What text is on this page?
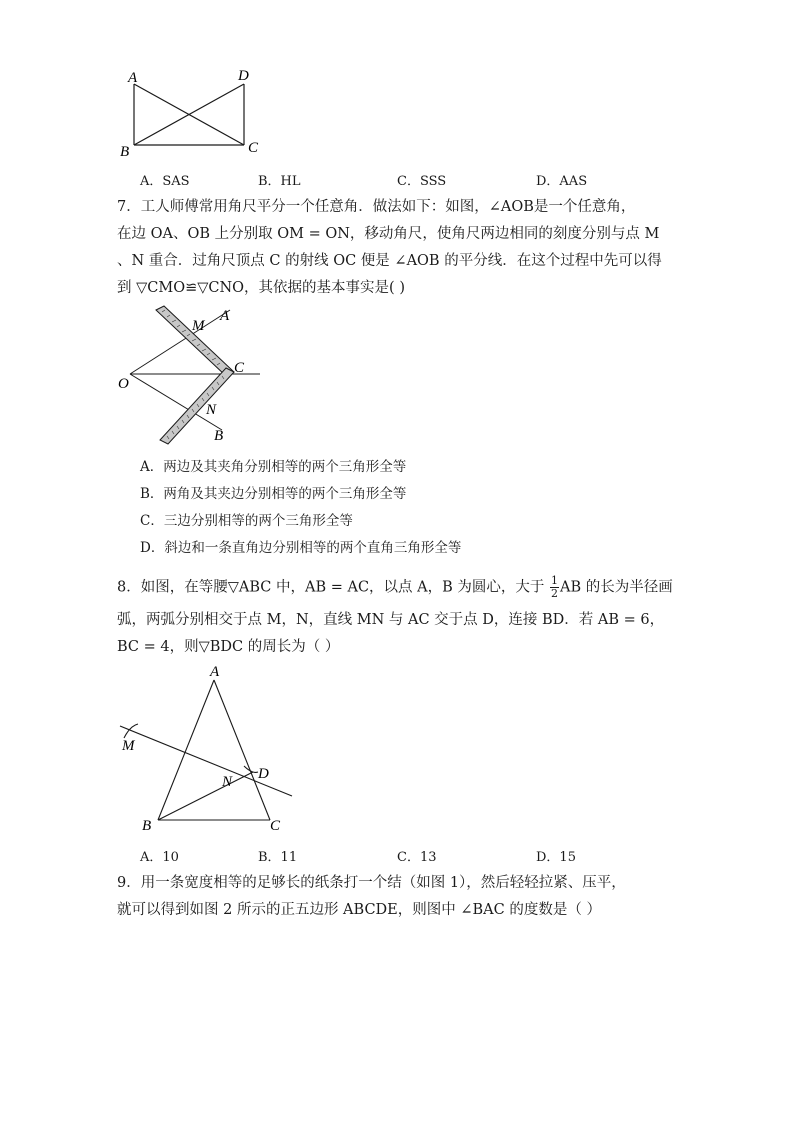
A	D
B	C
A．SAS	B．HL	C．SSS	D．AAS
7．工人师傅常用角尺平分一个任意角．做法如下：如图，∠AOB是一个任意角，
在边 OA、OB 上分别取 OM = ON，移动角尺，使角尺两边相同的刻度分别与点 M
、N 重合．过角尺顶点 C 的射线 OC 便是 ∠AOB 的平分线．在这个过程中先可以得
到 ▽CMO≌▽CNO，其依据的基本事实是( )
M
A
C
O
N
B
A．两边及其夹角分别相等的两个三角形全等
B．两角及其夹边分别相等的两个三角形全等
C．三边分别相等的两个三角形全等
D．斜边和一条直角边分别相等的两个直角三角形全等
8．如图，在等腰▽ABC 中，AB = AC，以点 A，B 为圆心，大于 $\frac{1}{2}$ AB 的长为半径画
弧，两弧分别相交于点 M，N，直线 MN 与 AC 交于点 D，连接 BD．若 AB = 6，
BC = 4，则▽BDC 的周长为（ ）
A
M
N D
B	C
A．10	B．11	C．13	D．15
9．用一条宽度相等的足够长的纸条打一个结（如图 1），然后轻轻拉紧、压平，
就可以得到如图 2 所示的正五边形 ABCDE，则图中 ∠BAC 的度数是（ ）
